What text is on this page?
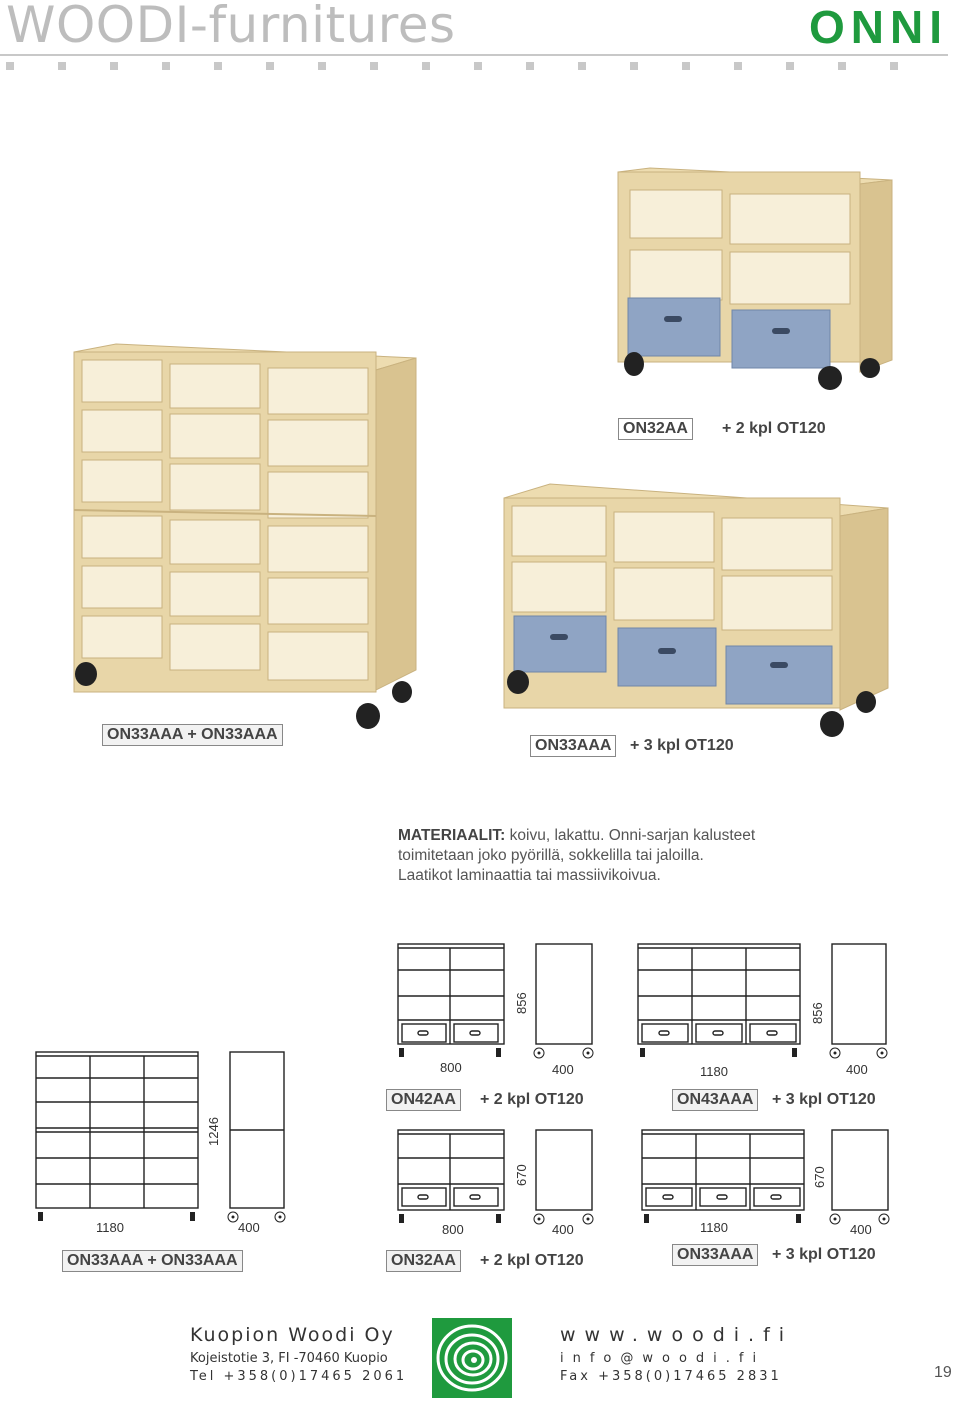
WOODI-furnitures	ONNI
ON32AA	+ 2 kpl OT120
ON33AAA + ON33AAA
ON33AAA	+ 3 kpl OT120
MATERIAALIT: koivu, lakattu. Onni-sarjan kalusteet
toimitetaan joko pyörillä, sokkelilla tai jaloilla.
Laatikot laminaattia tai massiivikoivua.
856
800	400
ON42AA	+ 2 kpl OT120
856
1180	400
ON43AAA	+ 3 kpl OT120
1246
1180	400
ON33AAA + ON33AAA
670
800	400
ON32AA	+ 2 kpl OT120
670
1180	400
ON33AAA	+ 3 kpl OT120
Kuopion Woodi Oy
Kojeistotie 3, FI -70460 Kuopio
Tel +358(0)17465 2061
www.woodi.fi
info@woodi.fi
Fax +358(0)17465 2831	19
